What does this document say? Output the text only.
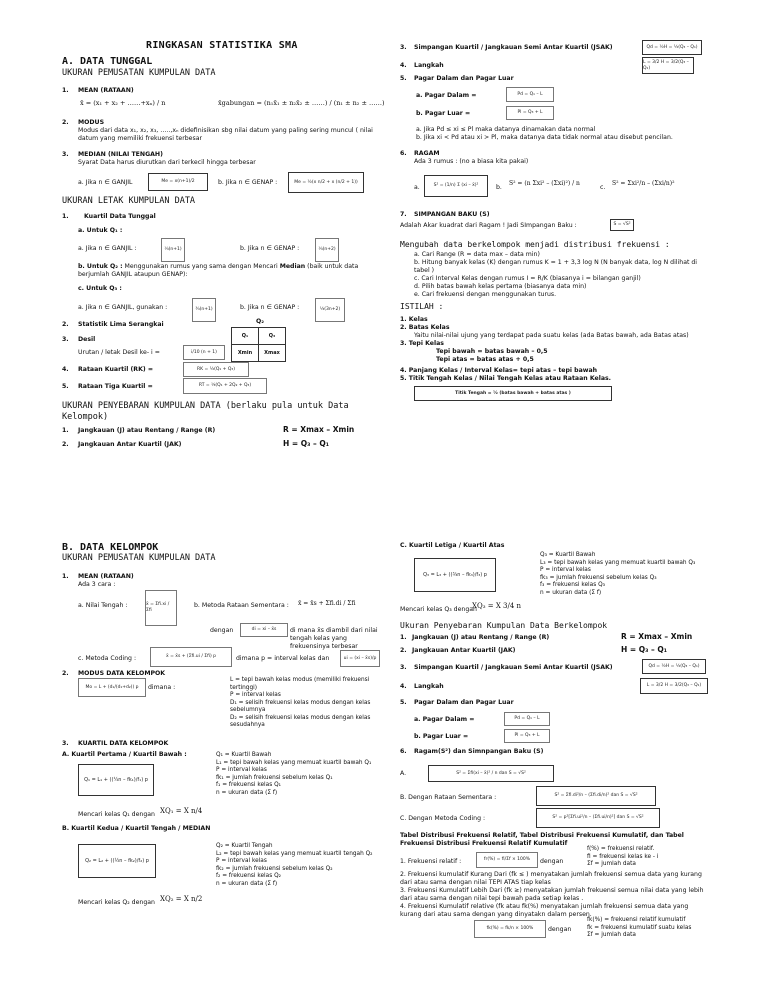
RINGKASAN STATISTIKA SMA
A. DATA TUNGGAL
UKURAN PEMUSATAN KUMPULAN DATA
1. MEAN (RATAAN)
x̄ = (x₁ + x₂ + ……+xₙ) / n	x̄gabungan = (n₁x̄₁ ± n₂x̄₂ ± ……) / (n₁ ± n₂ ± ……)
2. MODUS
Modus dari data x₁, x₂, x₃, …..,xₙ didefinisikan sbg nilai datum yang paling sering muncul ( nilai datum yang memiliki frekuensi terbesar
3. MEDIAN (NILAI TENGAH)
Syarat Data harus diurutkan dari terkecil hingga terbesar
a. Jika n ∈ GANJIL	Me = x(n+1)/2	b. Jika n ∈ GENAP :	Me = ½(x n/2 + x (n/2 + 1))
UKURAN LETAK KUMPULAN DATA
1. Kuartil Data Tunggal
a. Untuk Q₁ :
a. Jika n ∈ GANJIL :	¼(n+1)	b. Jika n ∈ GENAP :	¼(n+2)
b. Untuk Q₂ : Menggunakan rumus yang sama dengan Mencari Median (baik untuk data berjumlah GANJIL ataupun GENAP):
c. Untuk Q₃ :
a. Jika n ∈ GANJIL, gunakan :	¾(n+1)	b. Jika n ∈ GENAP :	¼(3n+2)
2. Statistik Lima Serangkai	Q₂
Q₁	Q₃
Xmin	Xmax
3. Desil
Urutan / letak Desil ke- i =	i/10 (n + 1)
4. Rataan Kuartil (RK) =	RK = ½(Q₁ + Q₃)
5. Rataan Tiga Kuartil =	RT = ¼(Q₁ + 2Q₂ + Q₃)
UKURAN PENYEBARAN KUMPULAN DATA (berlaku pula untuk Data Kelompok)
1. Jangkauan (J) atau Rentang / Range (R)	R = Xmax – Xmin
2. Jangkauan Antar Kuartil (JAK)	H = Q₃ – Q₁
3. Simpangan Kuartil / Jangkauan Semi Antar Kuartil (JSAK)	Qd = ½H = ½(Q₃ – Q₁)
4. Langkah	L = 3/2 H = 3/2(Q₃ – Q₁)
5. Pagar Dalam dan Pagar Luar
a. Pagar Dalam =	Pd = Q₁ – L
b. Pagar Luar =	Pl = Q₃ + L
a. Jika Pd ≤ xi ≤ Pl maka datanya dinamakan data normal
b. Jika xi < Pd atau xi > Pl, maka datanya data tidak normal atau disebut pencilan.
6. RAGAM
Ada 3 rumus : (no a biasa kita pakai)
a.	S² = (1/n) Σ (xi – x̄)²	b.
S² = (n Σxi² – (Σxi)²) / n
c.
S² = Σxi²/n – (Σxi/n)²
7. SIMPANGAN BAKU (S)
Adalah Akar kuadrat dari Ragam ! Jadi SImpangan Baku :	S = √S²
Mengubah data berkelompok menjadi distribusi frekuensi :
a. Cari Range (R = data max – data min)
b. Hitung banyak kelas (K) dengan rumus K = 1 + 3,3 log N (N banyak data, log N dilihat di tabel )
c. Cari Interval Kelas dengan rumus I = R/K (biasanya i = bilangan ganjil)
d. Pilih batas bawah kelas pertama (biasanya data min)
e. Cari frekuensi dengan menggunakan turus.
ISTILAH :
1. Kelas
2. Batas Kelas
Yaitu nilai-nilai ujung yang terdapat pada suatu kelas (ada Batas bawah, ada Batas atas)
3. Tepi Kelas
Tepi bawah = batas bawah – 0,5
Tepi atas = batas atas + 0,5
4. Panjang Kelas / Interval Kelas= tepi atas – tepi bawah
5. Titik Tengah Kelas / Nilai Tengah Kelas atau Rataan Kelas.
Titik Tengah = ½ (batas bawah + batas atas )
B. DATA KELOMPOK
UKURAN PEMUSATAN KUMPULAN DATA
1. MEAN (RATAAN)
Ada 3 cara :
a. Nilai Tengah :	x̄ = Σfi.xi / Σfi
b. Metoda Rataan Sementara : x̄ = x̄s + Σfi.di / Σfi
dengan	di = xi – x̄s	di mana x̄s diambil dari nilai tengah kelas yang frekuensinya terbesar
c. Metoda Coding :	x̄ = x̄s + (Σfi.ui / Σfi) p	dimana p = interval kelas dan	ui = (xi – x̄s)/p
2. MODUS DATA KELOMPOK
Mo = L + (d₁/(d₁+d₂)) p	dimana :
L = tepi bawah kelas modus (memiliki frekuensi tertinggi)
P = interval kelas
D₁ = selisih frekuensi kelas modus dengan kelas sebelumnya
D₂ = selisih frekuensi kelas modus dengan kelas sesudahnya
3. KUARTIL DATA KELOMPOK
A. Kuartil Pertama / Kuartil Bawah :
Q₁ = L₁ + ((¼n – fk₁)/f₁) p
Q₁ = Kuartil Bawah
L₁ = tepi bawah kelas yang memuat kuartil bawah Q₁
P = interval kelas
fk₁ = jumlah frekuensi sebelum kelas Q₁
f₁ = frekuensi kelas Q₁
n = ukuran data (Σ f)
Mencari kelas Q₁ dengan XQ₁ = X n/4
B. Kuartil Kedua / Kuartil Tengah / MEDIAN
Q₂ = L₂ + ((½n – fk₂)/f₂) p
Q₂ = Kuartil Tengah
L₂ = tepi bawah kelas yang memuat kuartil tengah Q₂
P = interval kelas
fk₂ = jumlah frekuensi sebelum kelas Q₂
f₂ = frekuensi kelas Q₂
n = ukuran data (Σ f)
Mencari kelas Q₂ dengan XQ₂ = X n/2
C. Kuartil Letiga / Kuartil Atas
Q₃ = L₃ + ((¾n – fk₃)/f₃) p
Q₃ = Kuartil Bawah
L₃ = tepi bawah kelas yang memuat kuartil bawah Q₃
P = interval kelas
fk₃ = jumlah frekuensi sebelum kelas Q₃
f₃ = frekuensi kelas Q₃
n = ukuran data (Σ f)
Mencari kelas Q₃ dengan
XQ₃ = X 3/4 n
Ukuran Penyebaran Kumpulan Data Berkelompok
1. Jangkauan (J) atau Rentang / Range (R)	R = Xmax – Xmin
2. Jangkauan Antar Kuartil (JAK)	H = Q₃ – Q₁
3. Simpangan Kuartil / Jangkauan Semi Antar Kuartil (JSAK)	Qd = ½H = ½(Q₃ – Q₁)
4. Langkah	L = 3/2 H = 3/2(Q₃ – Q₁)
5. Pagar Dalam dan Pagar Luar
a. Pagar Dalam =	Pd = Q₁ – L
b. Pagar Luar =	Pl = Q₃ + L
6. Ragam(S²) dan Simnpangan Baku (S)
A.	S² = Σfi(xi – x̄)² / n dan S = √S²
B. Dengan Rataan Sementara :	S² = Σfi.di²/n – (Σfi.di/n)² dan S = √S²
C. Dengan Metoda Coding :	S² = p²[Σfi.ui²/n – (Σfi.ui/n)²] dan S = √S²
Tabel Distribusi Frekuensi Relatif, Tabel Distribusi Frekuensi Kumulatif, dan Tabel Frekuensi Distribusi Frekuensi Relatif Kumulatif
1. Frekuensi relatif :	fr(%) = fi/Σf × 100%	dengan
f(%) = frekuensi relatif.
fi = frekuensi kelas ke - i
Σf = jumlah data
2. Frekuensi kumulatif Kurang Dari (fk ≤ ) menyatakan jumlah frekuensi semua data yang kurang dari atau sama dengan nilai TEPI ATAS tiap kelas
3. Frekuensi Kumulatif Lebih Dari (fk ≥) menyatakan jumlah frekuensi semua nilai data yang lebih dari atau sama dengan nilai tepi bawah pada setiap kelas .
4. Frekuensi Kumulatif relative (fk atau fk(%) menyatakan jumlah frekuensi semua data yang kurang dari atau sama dengan yang dinyatakn dalam persen.
fk(%) = fk/n × 100%	dengan
fk(%) = frekuensi relatif kumulatif
fk = frekuensi kumulatif suatu kelas
Σf = jumlah data
